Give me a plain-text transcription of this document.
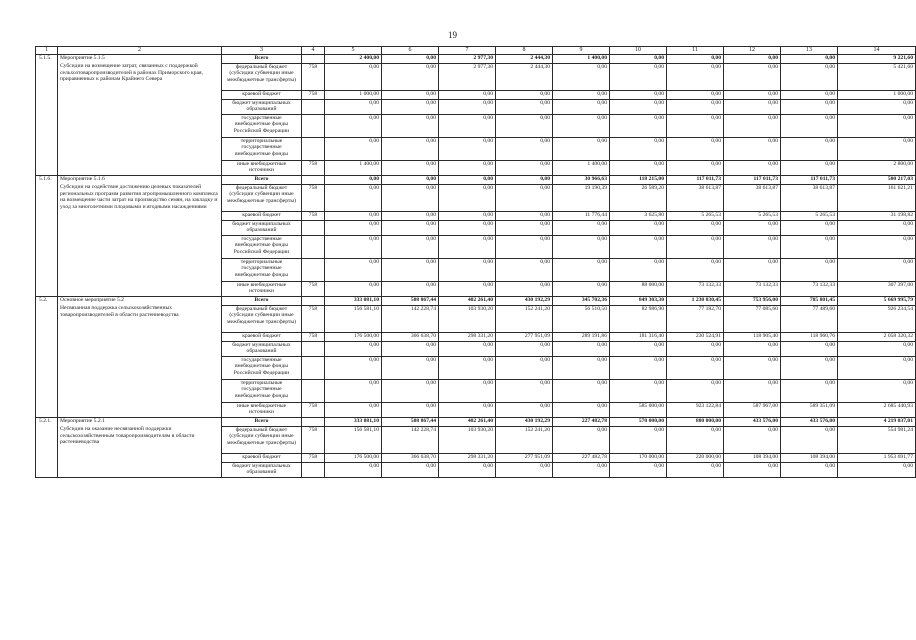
19
1	2	3	4	5	6	7	8	9	10	11	12	13	14
5.1.5.	Мероприятие 5.1.5
Субсидии на возмещение затрат, связанных с поддержкой сельхозтоваропроизводителей в районах Приморского края, приравненных к районам Крайнего Севера	Всего		2 400,00	0,00	2 977,30	2 444,30	1 400,00	0,00	0,00	0,00	0,00	9 221,60
		федеральный бюджет (субсидии субвенции иные межбюджетные трансферты)	758	0,00	0,00	2 977,30	2 444,30	0,00	0,00	0,00	0,00	0,00	5 421,60
		краевой бюджет	758	1 000,00	0,00	0,00	0,00	0,00	0,00	0,00	0,00	0,00	1 000,00
		бюджет муниципальных образований		0,00	0,00	0,00	0,00	0,00	0,00	0,00	0,00	0,00	0,00
		государственные внебюджетные фонды Российской Федерации		0,00	0,00	0,00	0,00	0,00	0,00	0,00	0,00	0,00	0,00
		территориальные государственные внебюджетные фонды		0,00	0,00	0,00	0,00	0,00	0,00	0,00	0,00	0,00	0,00
		иные внебюджетные источники	758	1 400,00	0,00	0,00	0,00	1 400,00	0,00	0,00	0,00	0,00	2 800,00
5.1.6.	Мероприятие 5.1.6
Субсидии на содействие достижению целевых показателей региональных программ развития агропромышленного комплекса на возмещение части затрат на производство семян, на закладку и уход за многолетними плодовыми и ягодными насаждениями	Всего		0,00	0,00	0,00	0,00	30 966,63	118 215,00	117 011,73	117 011,73	117 011,73	500 217,03
		федеральный бюджет (субсидии субвенции иные межбюджетные трансферты)	758	0,00	0,00	0,00	0,00	19 190,39	26 589,20	38 613,87	38 613,87	38 613,87	161 621,21
		краевой бюджет	758	0,00	0,00	0,00	0,00	11 776,44	3 625,80	5 265,53	5 265,53	5 265,53	31 198,82
		бюджет муниципальных образований		0,00	0,00	0,00	0,00	0,00	0,00	0,00	0,00	0,00	0,00
		государственные внебюджетные фонды Российской Федерации		0,00	0,00	0,00	0,00	0,00	0,00	0,00	0,00	0,00	0,00
		территориальные государственные внебюджетные фонды		0,00	0,00	0,00	0,00	0,00	0,00	0,00	0,00	0,00	0,00
		иные внебюджетные источники	758	0,00	0,00	0,00	0,00	0,00	88 000,00	73 132,33	73 132,33	73 132,33	307 397,00
5.2.	Основное мероприятие 5.2
Несвязанная поддержка сельскохозяйственных товаропроизводителей в области растениеводства	Всего		333 081,10	508 867,44	402 261,40	430 192,29	345 702,36	849 303,30	1 230 830,45	753 956,00	785 801,45	5 669 995,79
		федеральный бюджет (субсидии субвенции иные межбюджетные трансферты)	758	156 581,10	142 228,74	103 930,20	152 241,20	56 510,50	82 986,90	77 182,70	77 085,60	77 489,60	926 234,54
		краевой бюджет	758	176 500,00	366 638,70	298 331,20	277 951,09	289 191,86	181 316,40	230 524,91	118 905,40	118 960,76	2 058 320,32
		бюджет муниципальных образований		0,00	0,00	0,00	0,00	0,00	0,00	0,00	0,00	0,00	0,00
		государственные внебюджетные фонды Российской Федерации		0,00	0,00	0,00	0,00	0,00	0,00	0,00	0,00	0,00	0,00
		территориальные государственные внебюджетные фонды		0,00	0,00	0,00	0,00	0,00	0,00	0,00	0,00	0,00	0,00
		иные внебюджетные источники	758	0,00	0,00	0,00	0,00	0,00	585 000,00	923 122,84	587 967,00	589 351,09	2 685 440,93
5.2.1.	Мероприятие 5.2.1
Субсидии на оказание несвязанной поддержки сельскохозяйственным товаропроизводителям в области растениеводства	Всего		333 081,10	508 867,44	402 261,40	430 192,29	227 482,78	570 000,00	880 000,00	433 576,00	433 576,00	4 219 037,01
		федеральный бюджет (субсидии субвенции иные межбюджетные трансферты)	758	156 581,10	142 228,74	103 930,20	152 241,20	0,00	0,00	0,00	0,00	0,00	554 981,24
		краевой бюджет	758	176 500,00	366 638,70	298 331,20	277 951,09	227 482,78	170 000,00	220 000,00	108 394,00	108 394,00	1 953 691,77
		бюджет муниципальных образований		0,00	0,00	0,00	0,00	0,00	0,00	0,00	0,00	0,00	0,00
